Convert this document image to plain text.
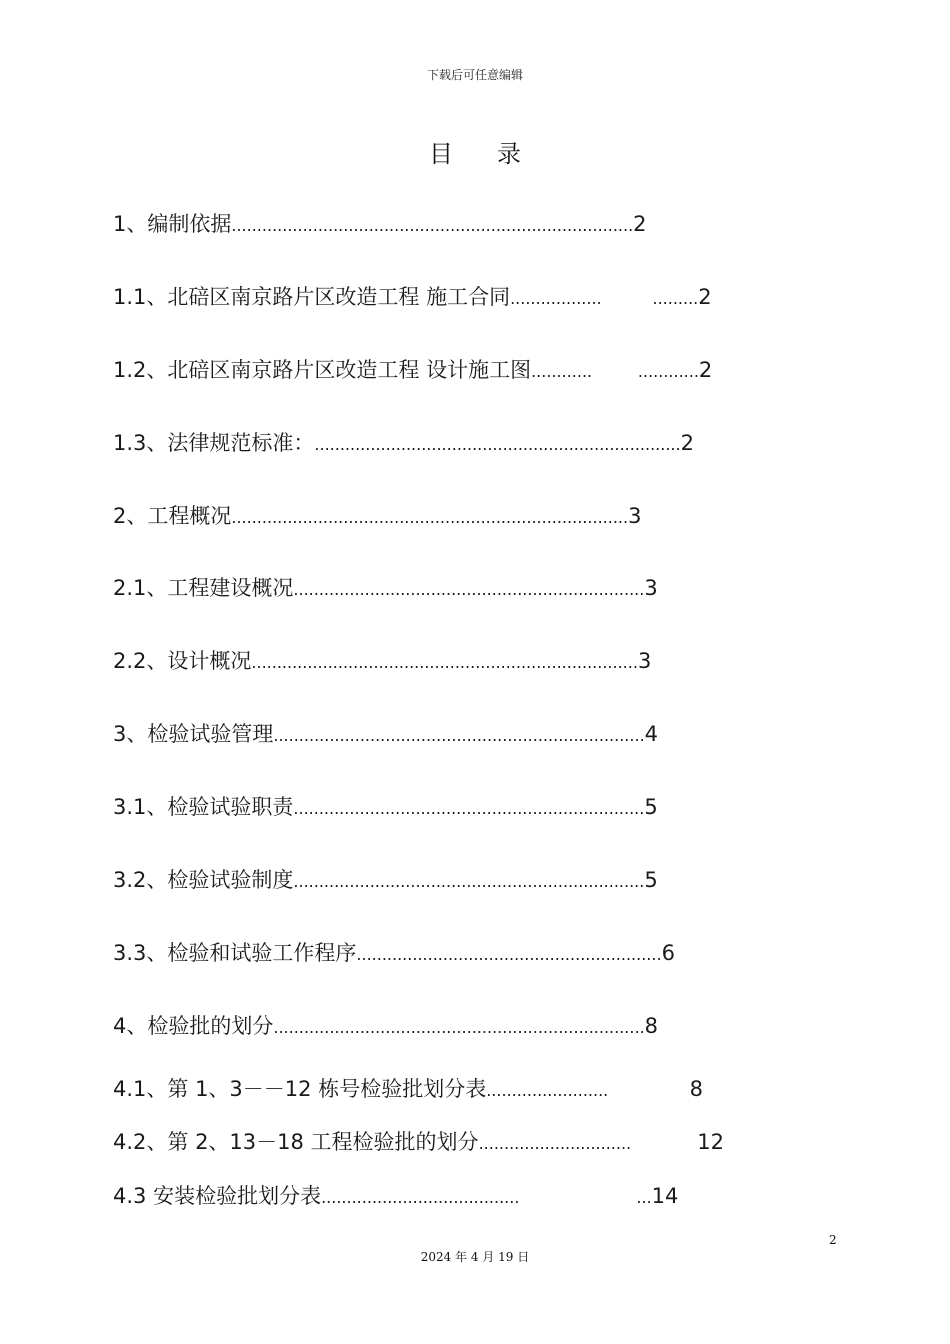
下载后可任意编辑
目录
1、编制依据...............................................................................2
1.1、北碚区南京路片区改造工程 施工合同..................          .........2
1.2、北碚区南京路片区改造工程 设计施工图............         ............2
1.3、法律规范标准：........................................................................2
2、工程概况..............................................................................3
2.1、工程建设概况.....................................................................3
2.2、设计概况............................................................................3
3、检验试验管理.........................................................................4
3.1、检验试验职责.....................................................................5
3.2、检验试验制度.....................................................................5
3.3、检验和试验工作程序............................................................6
4、检验批的划分.........................................................................8
4.1、第 1、3－－12 栋号检验批划分表........................                8
4.2、第 2、13－18 工程检验批的划分..............................             12
4.3 安装检验批划分表.......................................                       ...14
2
2024 年 4 月 19 日
